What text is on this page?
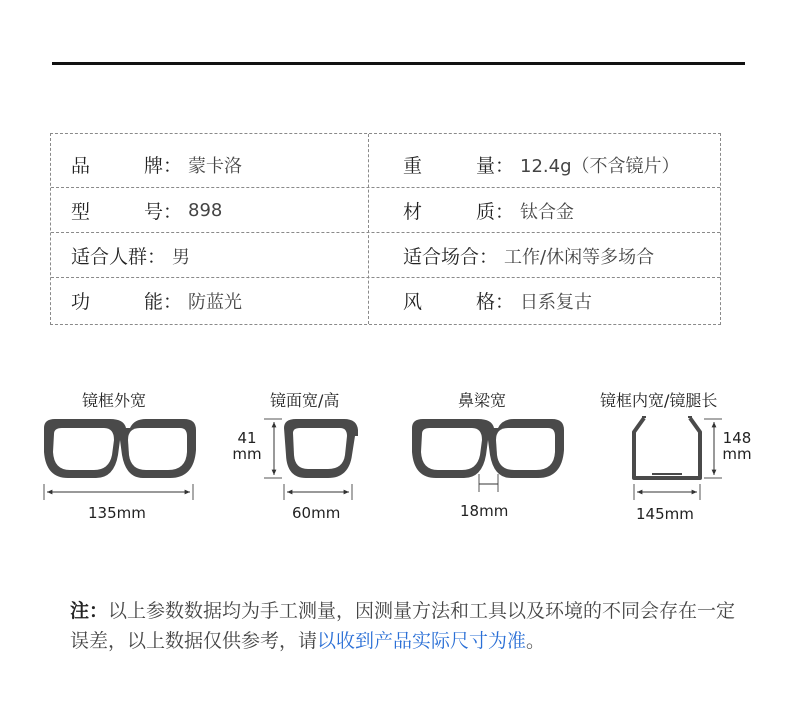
品	牌 ： 蒙卡洛	重	量 ： 12.4g（不含镜片）
型	号 ： 898	材	质 ： 钛合金
适合人群 ： 男	适合场合 ： 工作/休闲等多场合
功	能 ： 防蓝光	风	格 ： 日系复古
镜框外宽	镜面宽/高	鼻梁宽	镜框内宽/镜腿长
135mm	60mm
41
mm
18mm	145mm
148
mm
注：以上参数数据均为手工测量，因测量方法和工具以及环境的不同会存在一定误差，以上数据仅供参考，请以收到产品实际尺寸为准。
